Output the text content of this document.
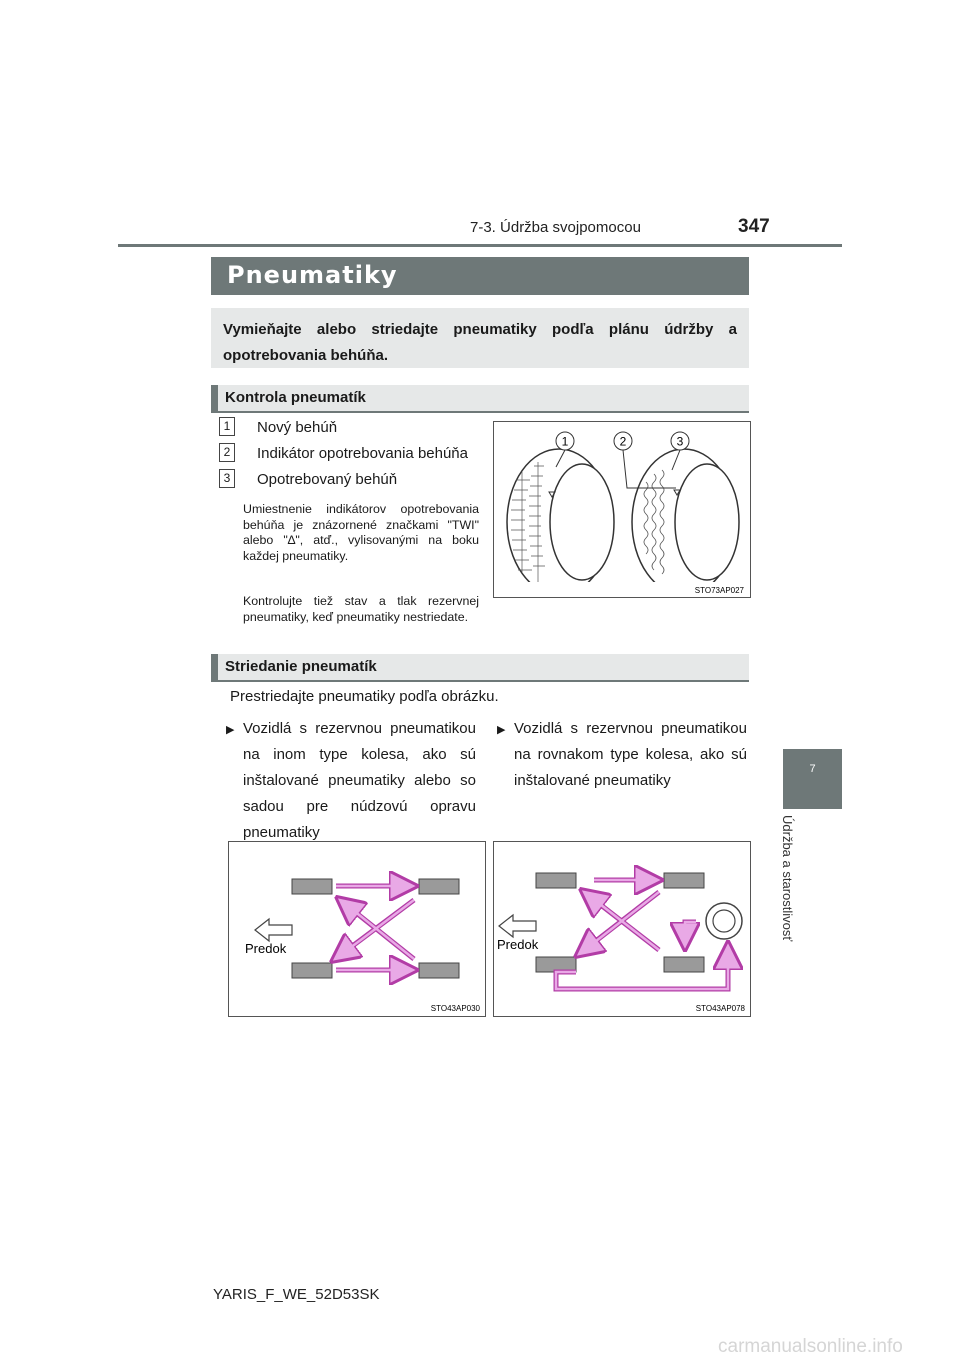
7-3. Údržba svojpomocou	347
7
Údržba a starostlivosť
Pneumatiky

Vymieňajte alebo striedajte pneumatiky podľa plánu údržby a opotrebovania behúňa.

Kontrola pneumatík
1	Nový behúň
2	Indikátor opotrebovania behúňa
3	Opotrebovaný behúň
Umiestnenie indikátorov opotrebovania behúňa je znázornené značkami "TWI" alebo "∆", atď., vylisovanými na boku každej pneumatiky.
Kontrolujte tiež stav a tlak rezervnej pneumatiky, keď pneumatiky nestriedate.
1	2	3
STO73AP027
Striedanie pneumatík
Prestriedajte pneumatiky podľa obrázku.
▶ Vozidlá s rezervnou pneumatikou na inom type kolesa, ako sú inštalované pneumatiky alebo so sadou pre núdzovú opravu pneumatiky
▶ Vozidlá s rezervnou pneumatikou na rovnakom type kolesa, ako sú inštalované pneumatiky
Predok
STO43AP030
Predok
STO43AP078
YARIS_F_WE_52D53SK
carmanualsonline.info
